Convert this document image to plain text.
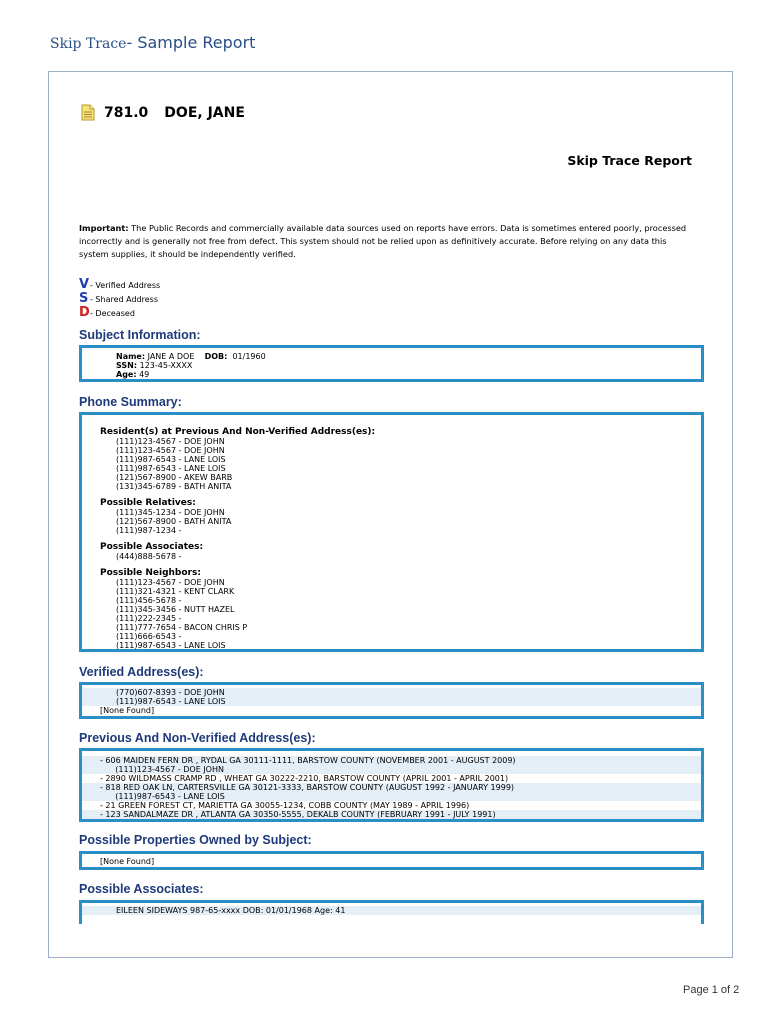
Skip Trace- Sample Report
781.0 DOE, JANE
Skip Trace Report
Important: The Public Records and commercially available data sources used on reports have errors. Data is sometimes entered poorly, processed incorrectly and is generally not free from defect. This system should not be relied upon as definitively accurate. Before relying on any data this system supplies, it should be independently verified.
V - Verified Address
S - Shared Address
D - Deceased
Subject Information:
Name: JANE A DOE DOB: 01/1960
SSN: 123-45-XXXX
Age: 49
Phone Summary:
Resident(s) at Previous And Non-Verified Address(es):
(111)123-4567 - DOE JOHN
(111)123-4567 - DOE JOHN
(111)987-6543 - LANE LOIS
(111)987-6543 - LANE LOIS
(121)567-8900 - AKEW BARB
(131)345-6789 - BATH ANITA
Possible Relatives:
(111)345-1234 - DOE JOHN
(121)567-8900 - BATH ANITA
(111)987-1234 -
Possible Associates:
(444)888-5678 -
Possible Neighbors:
(111)123-4567 - DOE JOHN
(111)321-4321 - KENT CLARK
(111)456-5678 -
(111)345-3456 - NUTT HAZEL
(111)222-2345 -
(111)777-7654 - BACON CHRIS P
(111)666-6543 -
(111)987-6543 - LANE LOIS
Verified Address(es):
(770)607-8393 - DOE JOHN
(111)987-6543 - LANE LOIS
[None Found]
Previous And Non-Verified Address(es):
- 606 MAIDEN FERN DR , RYDAL GA 30111-1111, BARSTOW COUNTY (NOVEMBER 2001 - AUGUST 2009)
(111)123-4567 - DOE JOHN
- 2890 WILDMASS CRAMP RD , WHEAT GA 30222-2210, BARSTOW COUNTY (APRIL 2001 - APRIL 2001)
- 818 RED OAK LN, CARTERSVILLE GA 30121-3333, BARSTOW COUNTY (AUGUST 1992 - JANUARY 1999)
(111)987-6543 - LANE LOIS
- 21 GREEN FOREST CT, MARIETTA GA 30055-1234, COBB COUNTY (MAY 1989 - APRIL 1996)
- 123 SANDALMAZE DR , ATLANTA GA 30350-5555, DEKALB COUNTY (FEBRUARY 1991 - JULY 1991)
Possible Properties Owned by Subject:
[None Found]
Possible Associates:
EILEEN SIDEWAYS 987-65-xxxx DOB: 01/01/1968 Age: 41
Page 1 of 2
